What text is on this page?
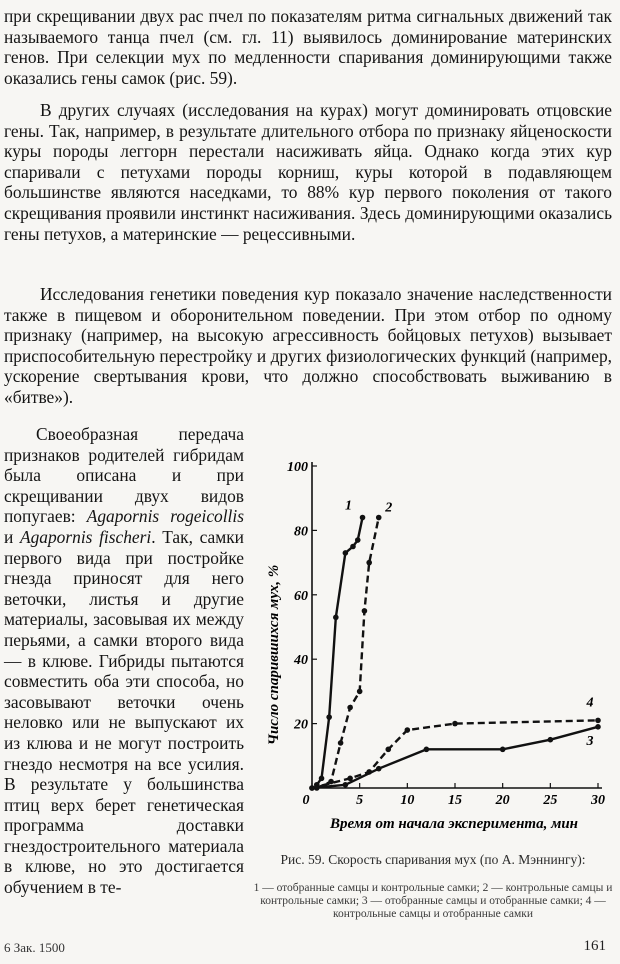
при скрещивании двух рас пчел по показателям ритма сигнальных движений так называемого танца пчел (см. гл. 11) выявилось доминирование материнских генов. При селекции мух по медленности спаривания доминирующими также оказались гены самок (рис. 59).

В других случаях (исследования на курах) могут доминировать отцовские гены. Так, например, в результате длительного отбора по признаку яйценоскости куры породы леггорн перестали насиживать яйца. Однако когда этих кур спаривали с петухами породы корниш, куры которой в подавляющем большинстве являются наседками, то 88% кур первого поколения от такого скрещивания проявили инстинкт насиживания. Здесь доминирующими оказались гены петухов, а материнские — рецессивными.

Исследования генетики поведения кур показало значение наследственности также в пищевом и оборонительном поведении. При этом отбор по одному признаку (например, на высокую агрессивность бойцовых петухов) вызывает приспособительную перестройку и других физиологических функций (например, ускорение свертывания крови, что должно способствовать выживанию в «битве»).

Своеобразная передача признаков родителей гибридам была описана и при скрещивании двух видов попугаев: Agapornis rogeicollis и Agapornis fischeri. Так, самки первого вида при постройке гнезда приносят для него веточки, листья и другие материалы, засовывая их между перьями, а самки второго вида — в клюве. Гибриды пытаются совместить оба эти способа, но засовывают веточки очень неловко или не выпускают их из клюва и не могут построить гнездо несмотря на все усилия. В результате у большинства птиц верх берет генетическая программа доставки гнездостроительного материала в клюве, но это достигается обучением в те-

0	5	10 15 20 25 30
20
40
60
80
100
1 2
3
4
Число спарившихся мух, %
Время от начала эксперимента, мин

Рис. 59. Скорость спаривания мух (по А. Мэннингу):

1 — отобранные самцы и контрольные самки; 2 — контрольные самцы и контрольные самки; 3 — отобранные самцы и отобранные самки; 4 — контрольные самцы и отобранные самки

6 Зак. 1500	161
